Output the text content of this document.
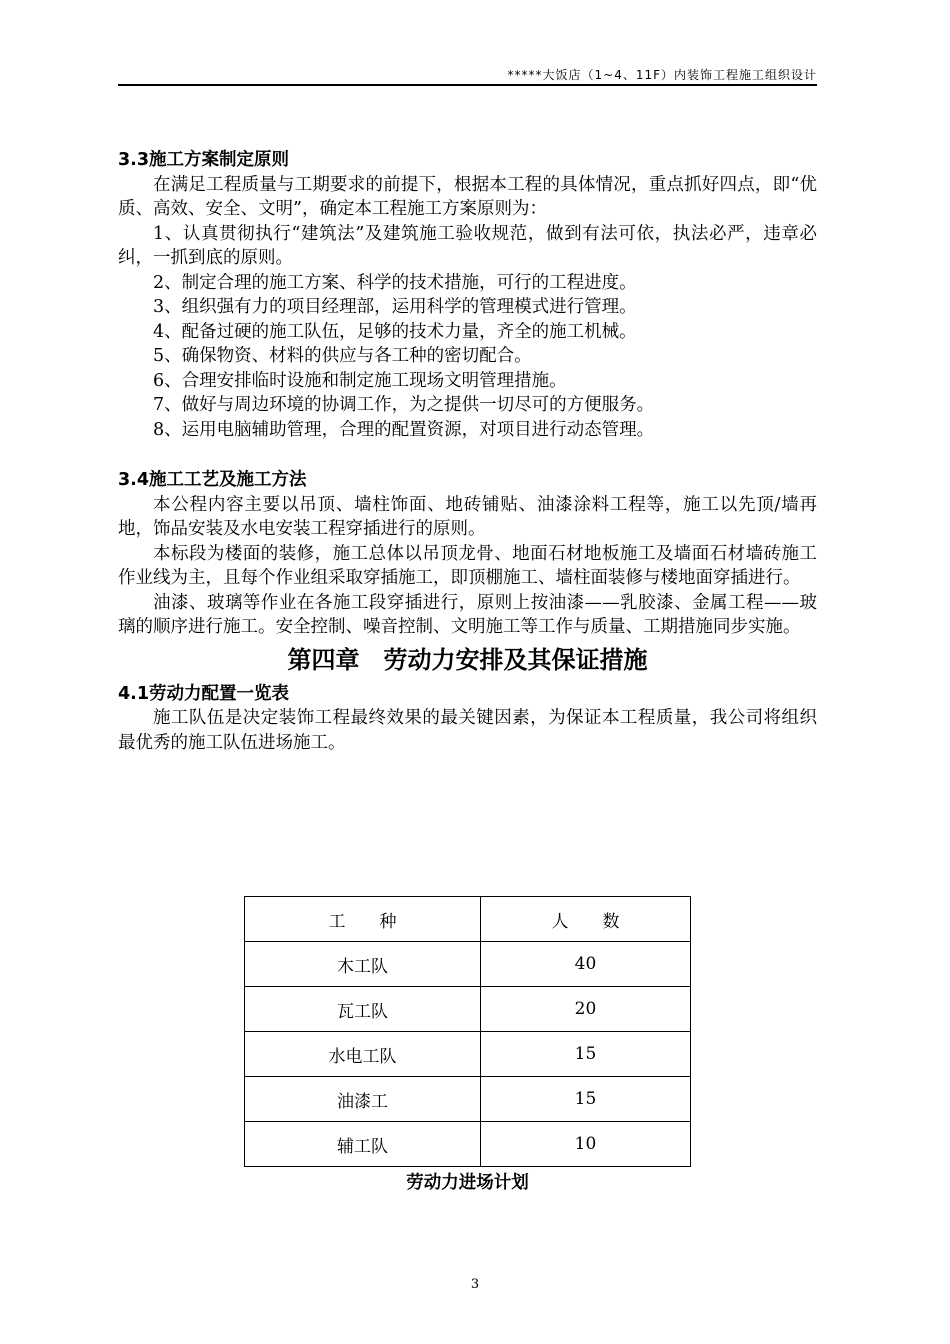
*****大饭店（1~4、11F）内装饰工程施工组织设计

3.3施工方案制定原则

在满足工程质量与工期要求的前提下，根据本工程的具体情况，重点抓好四点，即“优质、高效、安全、文明”，确定本工程施工方案原则为：

1、认真贯彻执行“建筑法”及建筑施工验收规范，做到有法可依，执法必严，违章必纠，一抓到底的原则。

2、制定合理的施工方案、科学的技术措施，可行的工程进度。

3、组织强有力的项目经理部，运用科学的管理模式进行管理。

4、配备过硬的施工队伍，足够的技术力量，齐全的施工机械。

5、确保物资、材料的供应与各工种的密切配合。

6、合理安排临时设施和制定施工现场文明管理措施。

7、做好与周边环境的协调工作，为之提供一切尽可的方便服务。

8、运用电脑辅助管理，合理的配置资源，对项目进行动态管理。

3.4施工工艺及施工方法

本公程内容主要以吊顶、墙柱饰面、地砖铺贴、油漆涂料工程等，施工以先顶/墙再地，饰品安装及水电安装工程穿插进行的原则。

本标段为楼面的装修，施工总体以吊顶龙骨、地面石材地板施工及墙面石材墙砖施工作业线为主，且每个作业组采取穿插施工，即顶棚施工、墙柱面装修与楼地面穿插进行。

油漆、玻璃等作业在各施工段穿插进行，原则上按油漆——乳胶漆、金属工程——玻璃的顺序进行施工。安全控制、噪音控制、文明施工等工作与质量、工期措施同步实施。

第四章　劳动力安排及其保证措施

4.1劳动力配置一览表

施工队伍是决定装饰工程最终效果的最关键因素，为保证本工程质量，我公司将组织最优秀的施工队伍进场施工。

工　　种	人　　数
木工队	40
瓦工队	20
水电工队	15
油漆工	15
辅工队	10
劳动力进场计划
3
